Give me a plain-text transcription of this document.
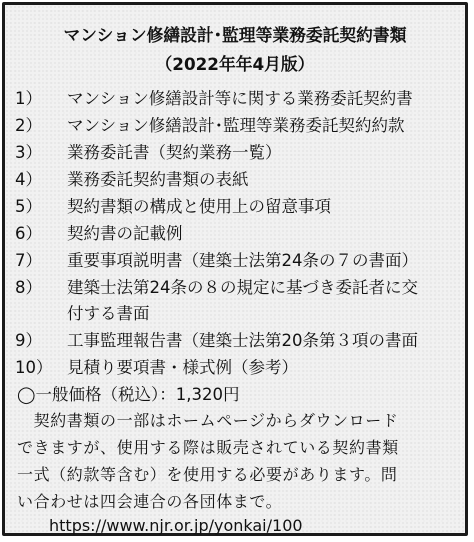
マンション修繕設計･監理等業務委託契約書類
（2022年年4月版）
1） マンション修繕設計等に関する業務委託契約書
2） マンション修繕設計･監理等業務委託契約約款
3） 業務委託書（契約業務一覧）
4） 業務委託契約書類の表紙
5） 契約書類の構成と使用上の留意事項
6） 契約書の記載例
7） 重要事項説明書（建築士法第24条の７の書面）
8） 建築士法第24条の８の規定に基づき委託者に交
付する書面
9） 工事監理報告書（建築士法第20条第３項の書面
10） 見積り要項書・様式例（参考）
◯一般価格（税込）：1,320円
　契約書類の一部はホームページからダウンロード
できますが、使用する際は販売されている契約書類
一式（約款等含む）を使用する必要があります。問
い合わせは四会連合の各団体まで。
https://www.njr.or.jp/yonkai/100
